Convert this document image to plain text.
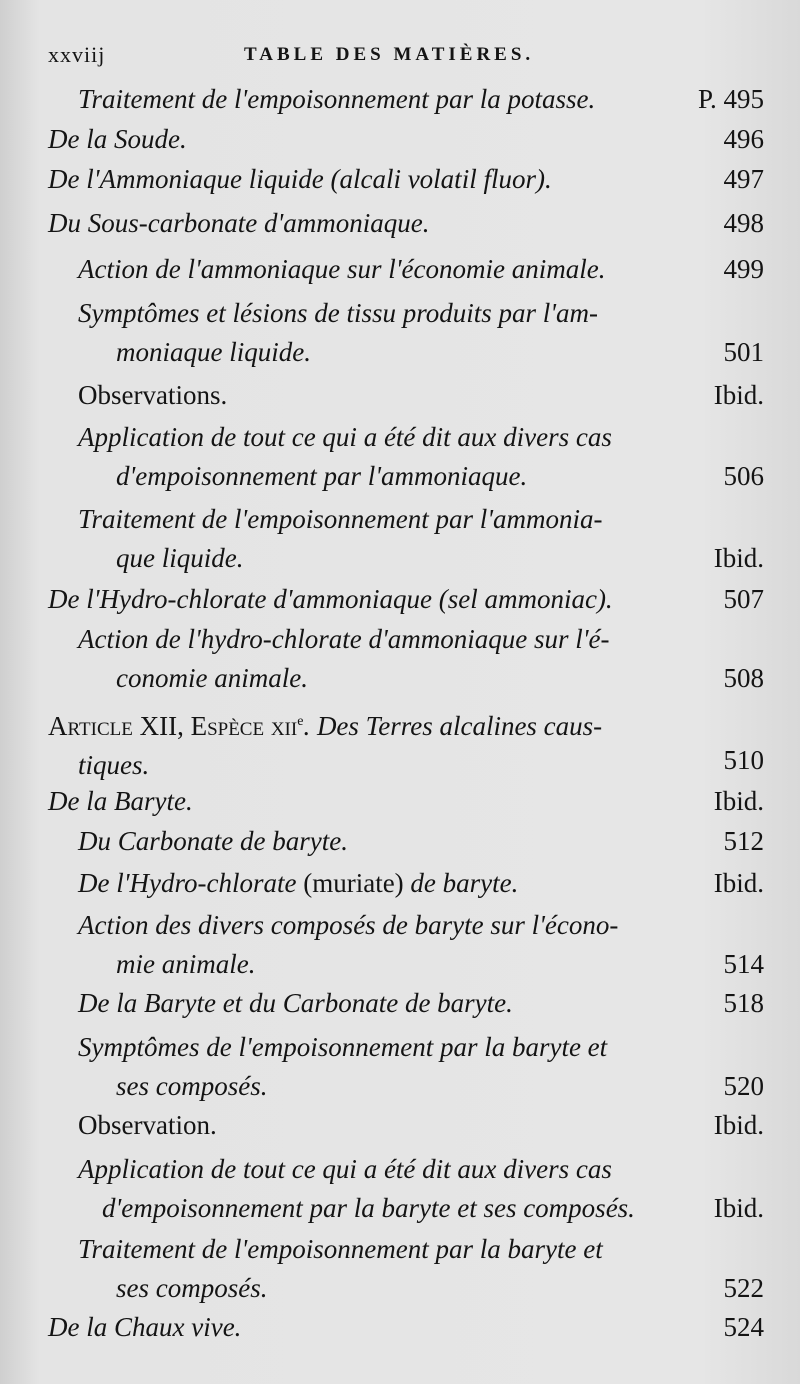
xxviij	TABLE DES MATIÈRES.
Traitement de l'empoisonnement par la potasse.	P. 495
De la Soude.	496
De l'Ammoniaque liquide (alcali volatil fluor).	497
Du Sous-carbonate d'ammoniaque.	498
Action de l'ammoniaque sur l'économie animale.	499
Symptômes et lésions de tissu produits par l'am-
moniaque liquide.	501
Observations.	Ibid.
Application de tout ce qui a été dit aux divers cas
d'empoisonnement par l'ammoniaque.	506
Traitement de l'empoisonnement par l'ammonia-
que liquide.	Ibid.
De l'Hydro-chlorate d'ammoniaque (sel ammoniac).	507
Action de l'hydro-chlorate d'ammoniaque sur l'é-
conomie animale.	508
Article XII, Espèce xii$^e$. Des Terres alcalines caus-
tiques.	510
De la Baryte.	Ibid.
Du Carbonate de baryte.	512
De l'Hydro-chlorate (muriate) de baryte.	Ibid.
Action des divers composés de baryte sur l'écono-
mie animale.	514
De la Baryte et du Carbonate de baryte.	518
Symptômes de l'empoisonnement par la baryte et
ses composés.	520
Observation.	Ibid.
Application de tout ce qui a été dit aux divers cas
d'empoisonnement par la baryte et ses composés.	Ibid.
Traitement de l'empoisonnement par la baryte et
ses composés.	522
De la Chaux vive.	524
